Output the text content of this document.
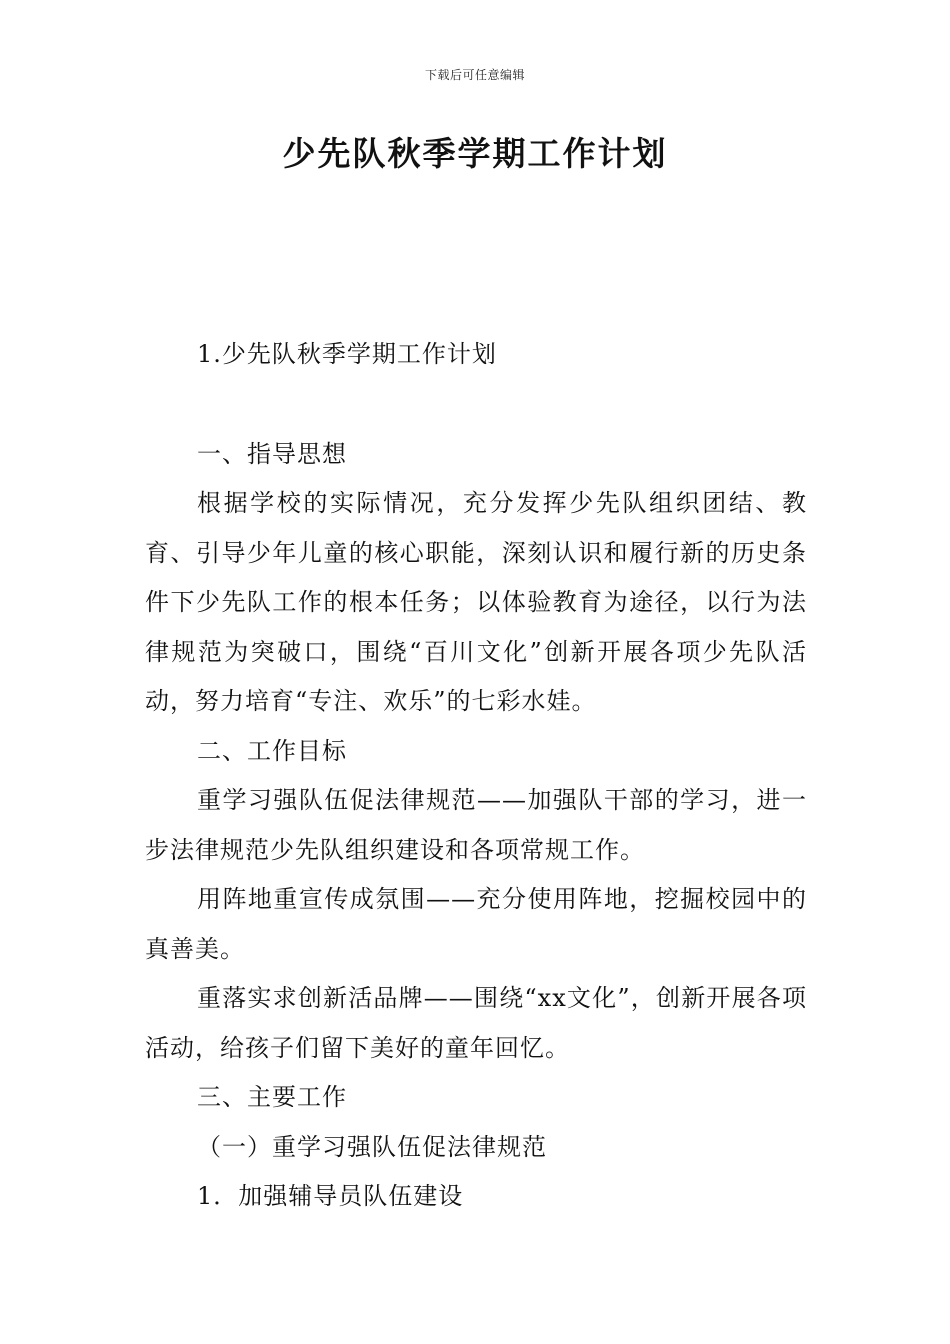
下载后可任意编辑
少先队秋季学期工作计划

1.少先队秋季学期工作计划

一、指导思想

根据学校的实际情况，充分发挥少先队组织团结、教育、引导少年儿童的核心职能，深刻认识和履行新的历史条件下少先队工作的根本任务；以体验教育为途径，以行为法律规范为突破口，围绕“百川文化”创新开展各项少先队活动，努力培育“专注、欢乐”的七彩水娃。

二、工作目标

重学习强队伍促法律规范——加强队干部的学习，进一步法律规范少先队组织建设和各项常规工作。

用阵地重宣传成氛围——充分使用阵地，挖掘校园中的真善美。

重落实求创新活品牌——围绕“xx文化”，创新开展各项活动，给孩子们留下美好的童年回忆。

三、主要工作

（一）重学习强队伍促法律规范

1．加强辅导员队伍建设
